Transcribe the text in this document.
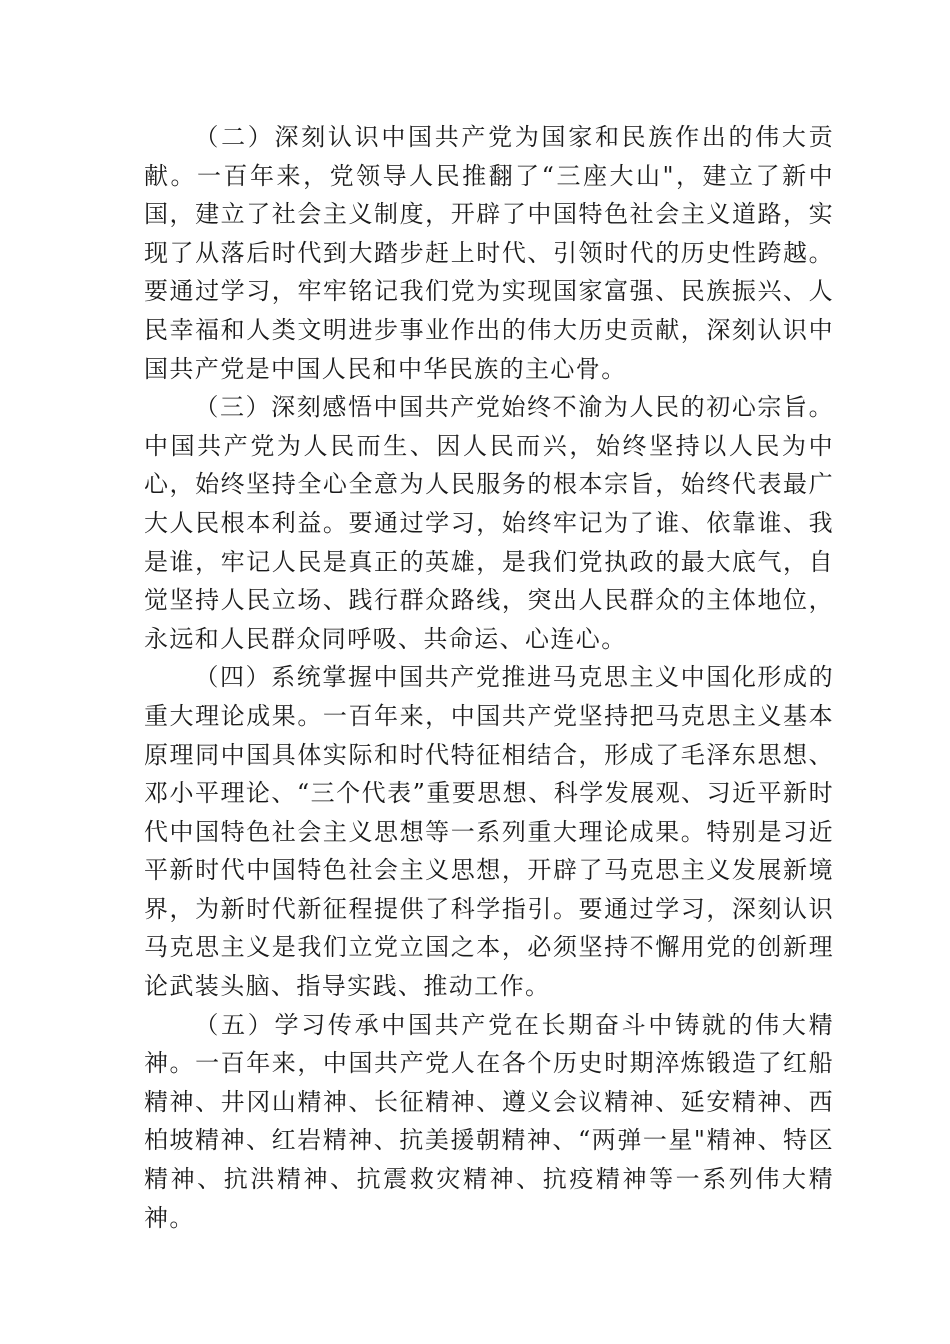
（二）深刻认识中国共产党为国家和民族作出的伟大贡献。一百年来，党领导人民推翻了“三座大山"，建立了新中国，建立了社会主义制度，开辟了中国特色社会主义道路，实现了从落后时代到大踏步赶上时代、引领时代的历史性跨越。要通过学习，牢牢铭记我们党为实现国家富强、民族振兴、人民幸福和人类文明进步事业作出的伟大历史贡献，深刻认识中国共产党是中国人民和中华民族的主心骨。

（三）深刻感悟中国共产党始终不渝为人民的初心宗旨。中国共产党为人民而生、因人民而兴，始终坚持以人民为中心，始终坚持全心全意为人民服务的根本宗旨，始终代表最广大人民根本利益。要通过学习，始终牢记为了谁、依靠谁、我是谁，牢记人民是真正的英雄，是我们党执政的最大底气，自觉坚持人民立场、践行群众路线，突出人民群众的主体地位，永远和人民群众同呼吸、共命运、心连心。

（四）系统掌握中国共产党推进马克思主义中国化形成的重大理论成果。一百年来，中国共产党坚持把马克思主义基本原理同中国具体实际和时代特征相结合，形成了毛泽东思想、邓小平理论、“三个代表”重要思想、科学发展观、习近平新时代中国特色社会主义思想等一系列重大理论成果。特别是习近平新时代中国特色社会主义思想，开辟了马克思主义发展新境界，为新时代新征程提供了科学指引。要通过学习，深刻认识马克思主义是我们立党立国之本，必须坚持不懈用党的创新理论武装头脑、指导实践、推动工作。

（五）学习传承中国共产党在长期奋斗中铸就的伟大精神。一百年来，中国共产党人在各个历史时期淬炼锻造了红船精神、井冈山精神、长征精神、遵义会议精神、延安精神、西柏坡精神、红岩精神、抗美援朝精神、“两弹一星"精神、特区精神、抗洪精神、抗震救灾精神、抗疫精神等一系列伟大精神。
